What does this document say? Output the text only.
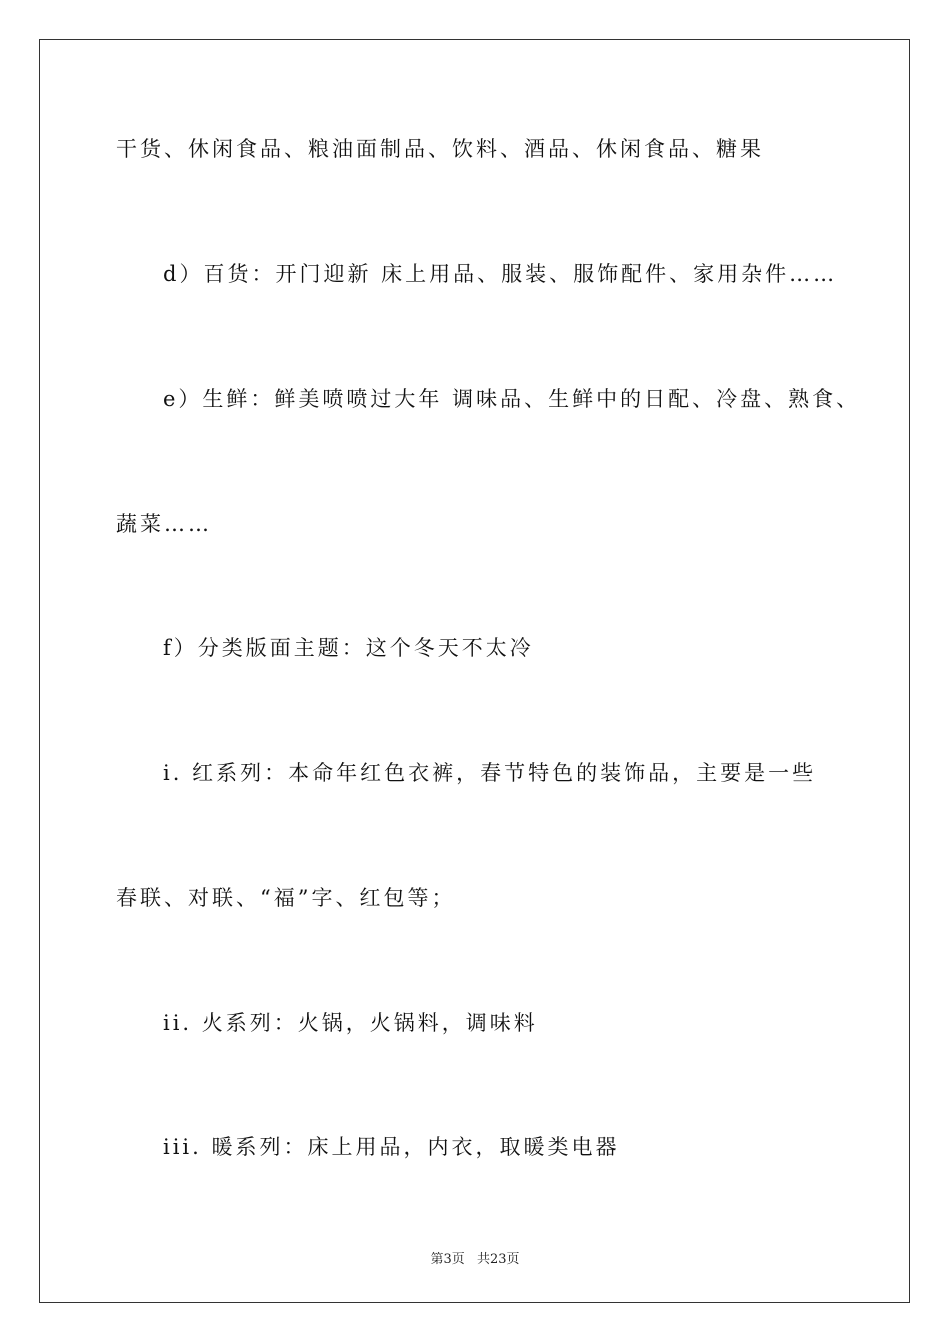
干货、休闲食品、粮油面制品、饮料、酒品、休闲食品、糖果
d）百货：开门迎新 床上用品、服装、服饰配件、家用杂件……
e）生鲜：鲜美喷喷过大年 调味品、生鲜中的日配、冷盘、熟食、
蔬菜……
f）分类版面主题：这个冬天不太冷
i. 红系列：本命年红色衣裤，春节特色的装饰品，主要是一些
春联、对联、“福”字、红包等；
ii. 火系列：火锅，火锅料，调味料
iii. 暖系列：床上用品，内衣，取暖类电器
第3页 共23页
